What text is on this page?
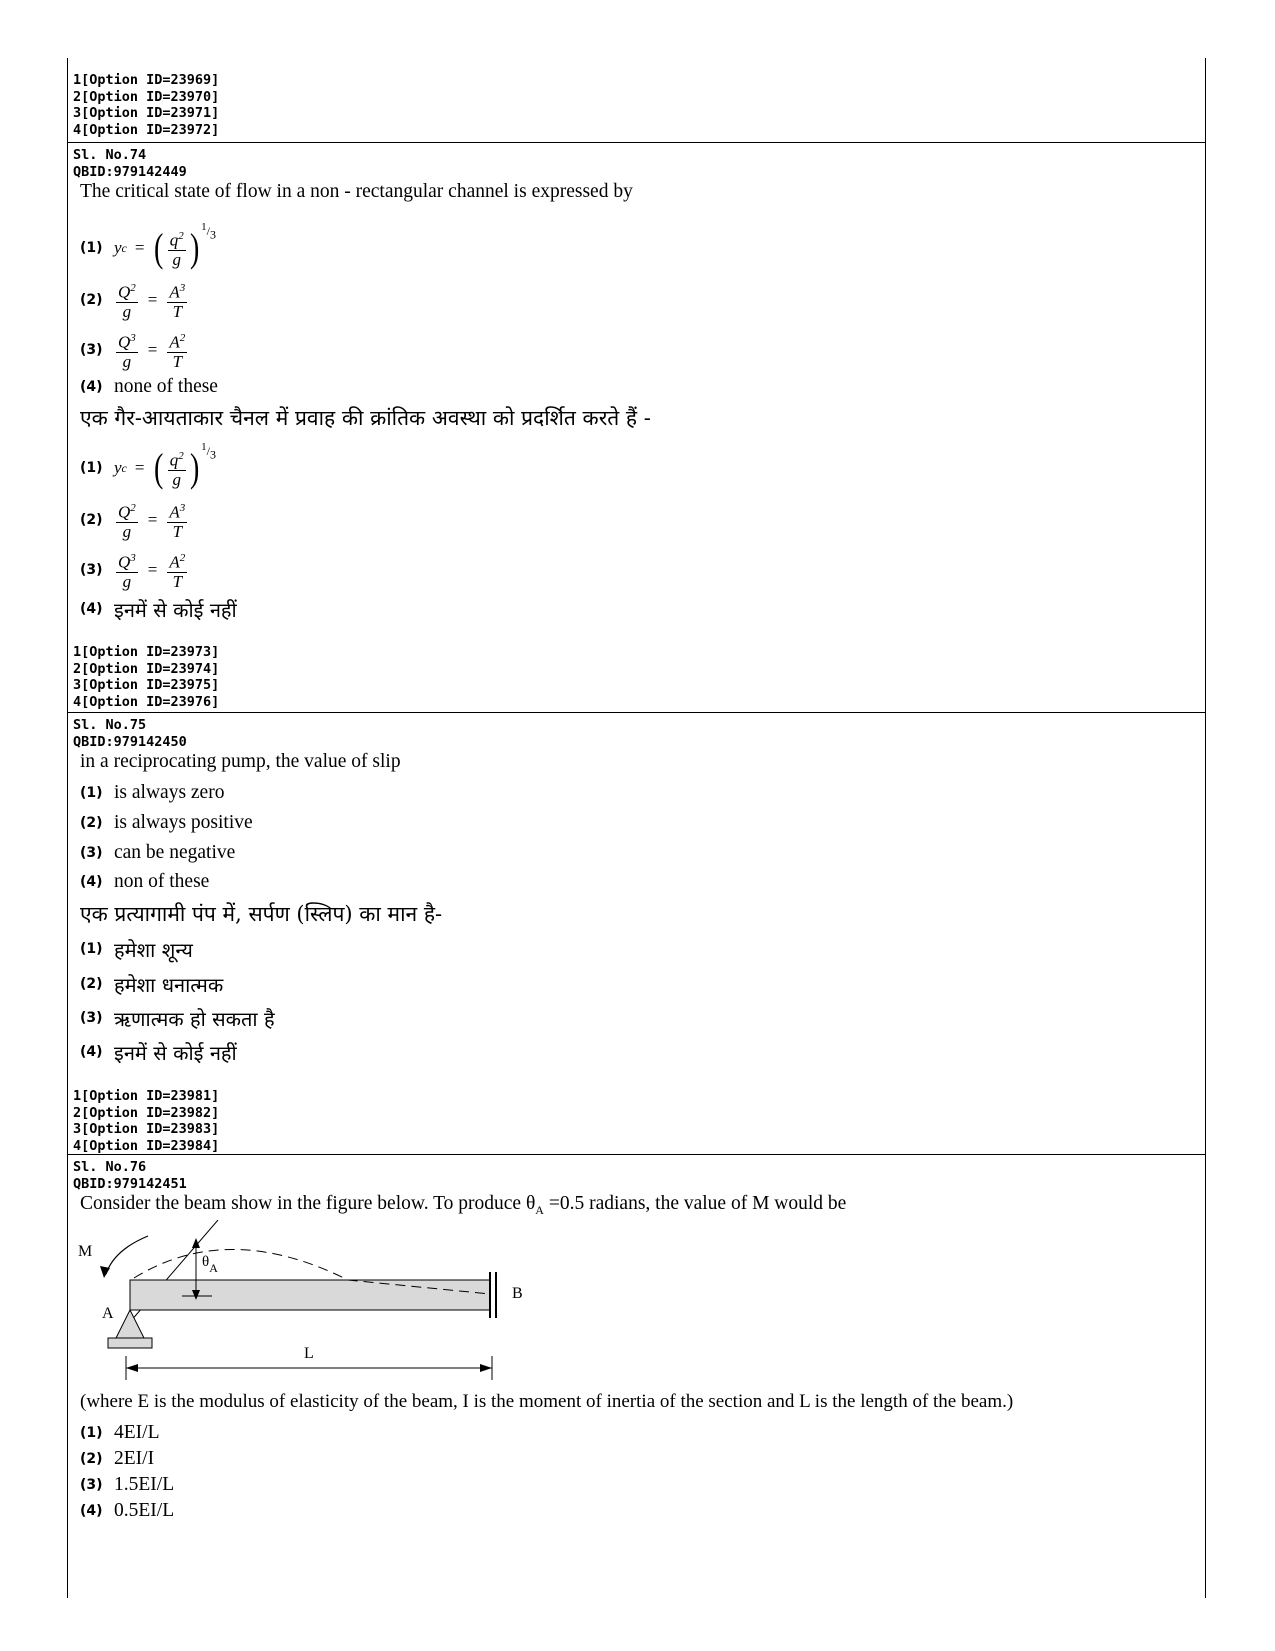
1[Option ID=23969]
2[Option ID=23970]
3[Option ID=23971]
4[Option ID=23972]
Sl. No.74
QBID:979142449
The critical state of flow in a non - rectangular channel is expressed by
(1) y c = ( $\frac{q^2}{g}$ ) $^1/_3$
$(2) \frac{Q^2}{g} = \frac{A^3}{T}$
$(3) \frac{Q^3}{g} = \frac{A^2}{T}$
(4) none of these
एक गैर-आयताकार चैनल में प्रवाह की क्रांतिक अवस्था को प्रदर्शित करते हैं -
(1) y c = ( $\frac{q^2}{g}$ ) $^1/_3$
$(2) \frac{Q^2}{g} = \frac{A^3}{T}$
$(3) \frac{Q^3}{g} = \frac{A^2}{T}$
(4) इनमें से कोई नहीं
1[Option ID=23973]
2[Option ID=23974]
3[Option ID=23975]
4[Option ID=23976]
Sl. No.75
QBID:979142450
in a reciprocating pump, the value of slip
(1) is always zero
(2) is always positive
(3) can be negative
(4) non of these
एक प्रत्यागामी पंप में, सर्पण (स्लिप) का मान है-
(1) हमेशा शून्य
(2) हमेशा धनात्मक
(3) ऋणात्मक हो सकता है
(4) इनमें से कोई नहीं
1[Option ID=23981]
2[Option ID=23982]
3[Option ID=23983]
4[Option ID=23984]
Sl. No.76
QBID:979142451
Consider the beam show in the figure below. To produce $\theta_A =0.5$ radians, the value of M would be
M
B
$\theta_A$
A
L
(where E is the modulus of elasticity of the beam, I is the moment of inertia of the section and L is the length of the beam.)
(1) 4EI/L
(2) 2EI/I
(3) 1.5EI/L
(4) 0.5EI/L
